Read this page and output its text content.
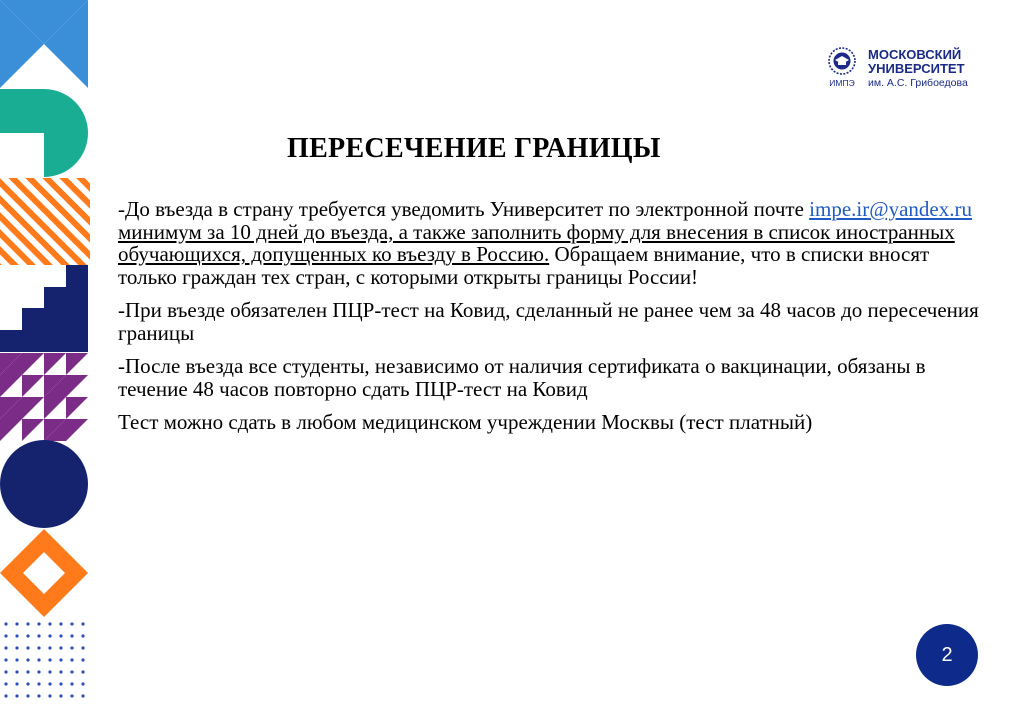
ИМПЭ
МОСКОВСКИЙ
УНИВЕРСИТЕТ
им. А.С. Грибоедова
ПЕРЕСЕЧЕНИЕ ГРАНИЦЫ

-До въезда в страну требуется уведомить Университет по электронной почте impe.ir@yandex.ru минимум за 10 дней до въезда, а также заполнить форму для внесения в список иностранных обучающихся, допущенных ко въезду в Россию. Обращаем внимание, что в списки вносят только граждан тех стран, с которыми открыты границы России!

-При въезде обязателен ПЦР-тест на Ковид, сделанный не ранее чем за 48 часов до пересечения границы

-После въезда все студенты, независимо от наличия сертификата о вакцинации, обязаны в течение 48 часов повторно сдать ПЦР-тест на Ковид

Тест можно сдать в любом медицинском учреждении Москвы (тест платный)

2
